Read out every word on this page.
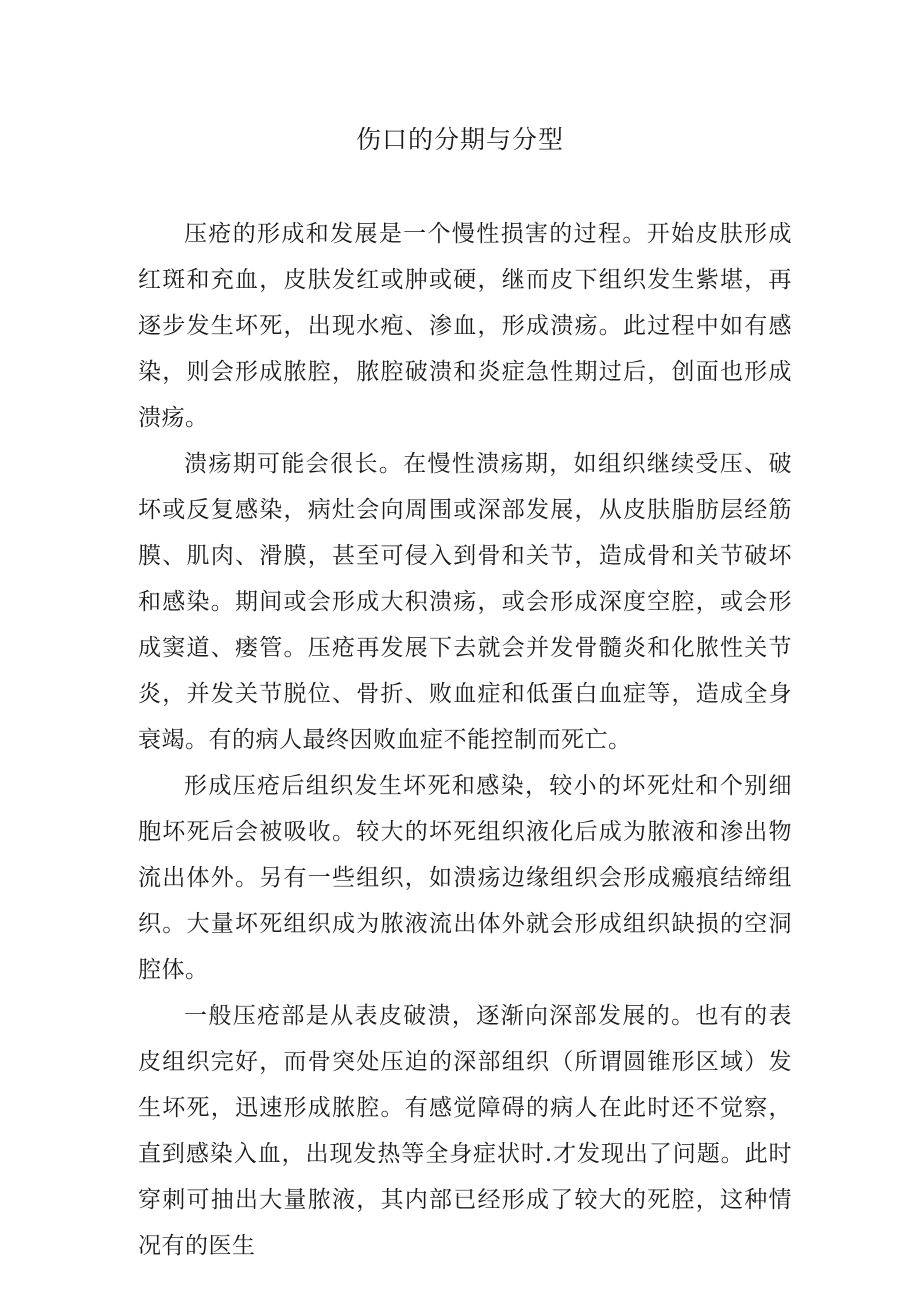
伤口的分期与分型

压疮的形成和发展是一个慢性损害的过程。开始皮肤形成红斑和充血，皮肤发红或肿或硬，继而皮下组织发生紫堪，再逐步发生坏死，出现水疱、渗血，形成溃疡。此过程中如有感染，则会形成脓腔，脓腔破溃和炎症急性期过后，创面也形成溃疡。

溃疡期可能会很长。在慢性溃疡期，如组织继续受压、破坏或反复感染，病灶会向周围或深部发展，从皮肤脂肪层经筋膜、肌肉、滑膜，甚至可侵入到骨和关节，造成骨和关节破坏和感染。期间或会形成大积溃疡，或会形成深度空腔，或会形成窦道、瘘管。压疮再发展下去就会并发骨髓炎和化脓性关节炎，并发关节脱位、骨折、败血症和低蛋白血症等，造成全身衰竭。有的病人最终因败血症不能控制而死亡。

形成压疮后组织发生坏死和感染，较小的坏死灶和个别细胞坏死后会被吸收。较大的坏死组织液化后成为脓液和渗出物流出体外。另有一些组织，如溃疡边缘组织会形成瘢痕结缔组织。大量坏死组织成为脓液流出体外就会形成组织缺损的空洞腔体。

一般压疮部是从表皮破溃，逐渐向深部发展的。也有的表皮组织完好，而骨突处压迫的深部组织（所谓圆锥形区域）发生坏死，迅速形成脓腔。有感觉障碍的病人在此时还不觉察，直到感染入血，出现发热等全身症状时.才发现出了问题。此时穿刺可抽出大量脓液，其内部已经形成了较大的死腔，这种情况有的医生
